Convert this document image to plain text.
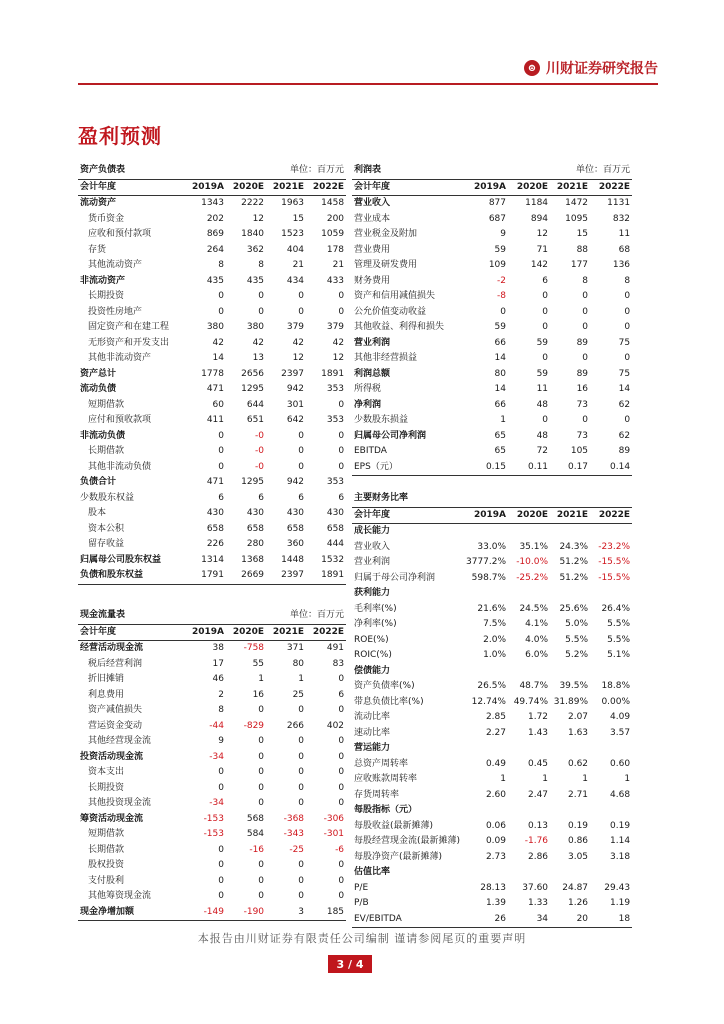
⊜ 川财证券研究报告
盈利预测
资产负债表			单位：百万元	
会计年度	2019A	2020E	2021E	2022E
流动资产	1343	2222	1963	1458
货币资金	202	12	15	200
应收和预付款项	869	1840	1523	1059
存货	264	362	404	178
其他流动资产	8	8	21	21
非流动资产	435	435	434	433
长期投资	0	0	0	0
投资性房地产	0	0	0	0
固定资产和在建工程	380	380	379	379
无形资产和开发支出	42	42	42	42
其他非流动资产	14	13	12	12
资产总计	1778	2656	2397	1891
流动负债	471	1295	942	353
短期借款	60	644	301	0
应付和预收款项	411	651	642	353
非流动负债	0	-0	0	0
长期借款	0	-0	0	0
其他非流动负债	0	-0	0	0
负债合计	471	1295	942	353
少数股东权益	6	6	6	6
股本	430	430	430	430
资本公积	658	658	658	658
留存收益	226	280	360	444
归属母公司股东权益	1314	1368	1448	1532
负债和股东权益	1791	2669	2397	1891
现金流量表			单位：百万元	
会计年度	2019A	2020E	2021E	2022E
经营活动现金流	38	-758	371	491
税后经营利润	17	55	80	83
折旧摊销	46	1	1	0
利息费用	2	16	25	6
资产减值损失	8	0	0	0
营运资金变动	-44	-829	266	402
其他经营现金流	9	0	0	0
投资活动现金流	-34	0	0	0
资本支出	0	0	0	0
长期投资	0	0	0	0
其他投资现金流	-34	0	0	0
筹资活动现金流	-153	568	-368	-306
短期借款	-153	584	-343	-301
长期借款	0	-16	-25	-6
股权投资	0	0	0	0
支付股利	0	0	0	0
其他筹资现金流	0	0	0	0
现金净增加额	-149	-190	3	185
利润表			单位：百万元	
会计年度	2019A	2020E	2021E	2022E
营业收入	877	1184	1472	1131
营业成本	687	894	1095	832
营业税金及附加	9	12	15	11
营业费用	59	71	88	68
管理及研发费用	109	142	177	136
财务费用	-2	6	8	8
资产和信用减值损失	-8	0	0	0
公允价值变动收益	0	0	0	0
其他收益、利得和损失	59	0	0	0
营业利润	66	59	89	75
其他非经营损益	14	0	0	0
利润总额	80	59	89	75
所得税	14	11	16	14
净利润	66	48	73	62
少数股东损益	1	0	0	0
归属母公司净利润	65	48	73	62
EBITDA	65	72	105	89
EPS（元）	0.15	0.11	0.17	0.14

主要财务比率				
会计年度	2019A	2020E	2021E	2022E
成长能力				
营业收入	33.0%	35.1%	24.3%	-23.2%
营业利润	3777.2%	-10.0%	51.2%	-15.5%
归属于母公司净利润	598.7%	-25.2%	51.2%	-15.5%
获利能力				
毛利率(%)	21.6%	24.5%	25.6%	26.4%
净利率(%)	7.5%	4.1%	5.0%	5.5%
ROE(%)	2.0%	4.0%	5.5%	5.5%
ROIC(%)	1.0%	6.0%	5.2%	5.1%
偿债能力				
资产负债率(%)	26.5%	48.7%	39.5%	18.8%
带息负债比率(%)	12.74%	49.74%	31.89%	0.00%
流动比率	2.85	1.72	2.07	4.09
速动比率	2.27	1.43	1.63	3.57
营运能力				
总资产周转率	0.49	0.45	0.62	0.60
应收账款周转率	1	1	1	1
存货周转率	2.60	2.47	2.71	4.68
每股指标（元）				
每股收益(最新摊薄)	0.06	0.13	0.19	0.19
每股经营现金流(最新摊薄)	0.09	-1.76	0.86	1.14
每股净资产(最新摊薄)	2.73	2.86	3.05	3.18
估值比率				
P/E	28.13	37.60	24.87	29.43
P/B	1.39	1.33	1.26	1.19
EV/EBITDA	26	34	20	18
本报告由川财证券有限责任公司编制 谨请参阅尾页的重要声明
3 / 4
